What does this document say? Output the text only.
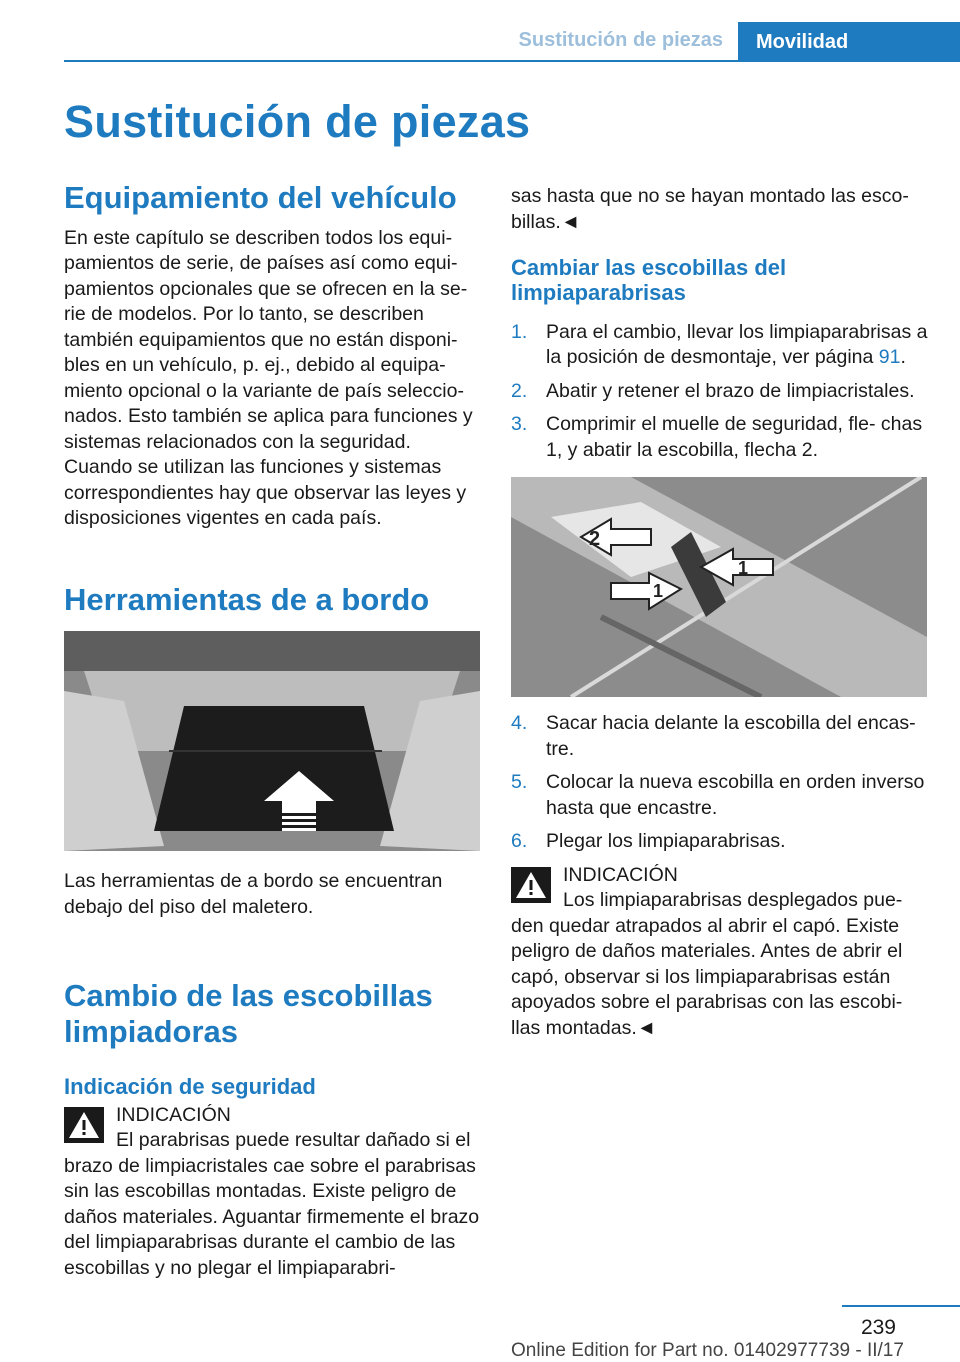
Sustitución de piezas Movilidad
Sustitución de piezas
Equipamiento del vehículo

En este capítulo se describen todos los equi- pamientos de serie, de países así como equi- pamientos opcionales que se ofrecen en la se- rie de modelos. Por lo tanto, se describen también equipamientos que no están disponi- bles en un vehículo, p. ej., debido al equipa- miento opcional o la variante de país seleccio- nados. Esto también se aplica para funciones y sistemas relacionados con la seguridad. Cuando se utilizan las funciones y sistemas correspondientes hay que observar las leyes y disposiciones vigentes en cada país.

Herramientas de a bordo

Las herramientas de a bordo se encuentran debajo del piso del maletero.

Cambio de las escobillas limpiadoras
Indicación de seguridad

INDICACIÓN

El parabrisas puede resultar dañado si el

brazo de limpiacristales cae sobre el parabrisas sin las escobillas montadas. Existe peligro de daños materiales. Aguantar firmemente el brazo del limpiaparabrisas durante el cambio de las escobillas y no plegar el limpiaparabri-

sas hasta que no se hayan montado las esco- billas.◄

Cambiar las escobillas del limpiaparabrisas
1. Para el cambio, llevar los limpiaparabrisas a la posición de desmontaje, ver página 91.
2. Abatir y retener el brazo de limpiacristales.
3. Comprimir el muelle de seguridad, fle- chas 1, y abatir la escobilla, flecha 2.
2
1
1
4. Sacar hacia delante la escobilla del encas- tre.
5. Colocar la nueva escobilla en orden inverso hasta que encastre.
6. Plegar los limpiaparabrisas.

INDICACIÓN

Los limpiaparabrisas desplegados pue-

den quedar atrapados al abrir el capó. Existe peligro de daños materiales. Antes de abrir el capó, observar si los limpiaparabrisas están apoyados sobre el parabrisas con las escobi- llas montadas.◄

239
Online Edition for Part no. 01402977739 - II/17
